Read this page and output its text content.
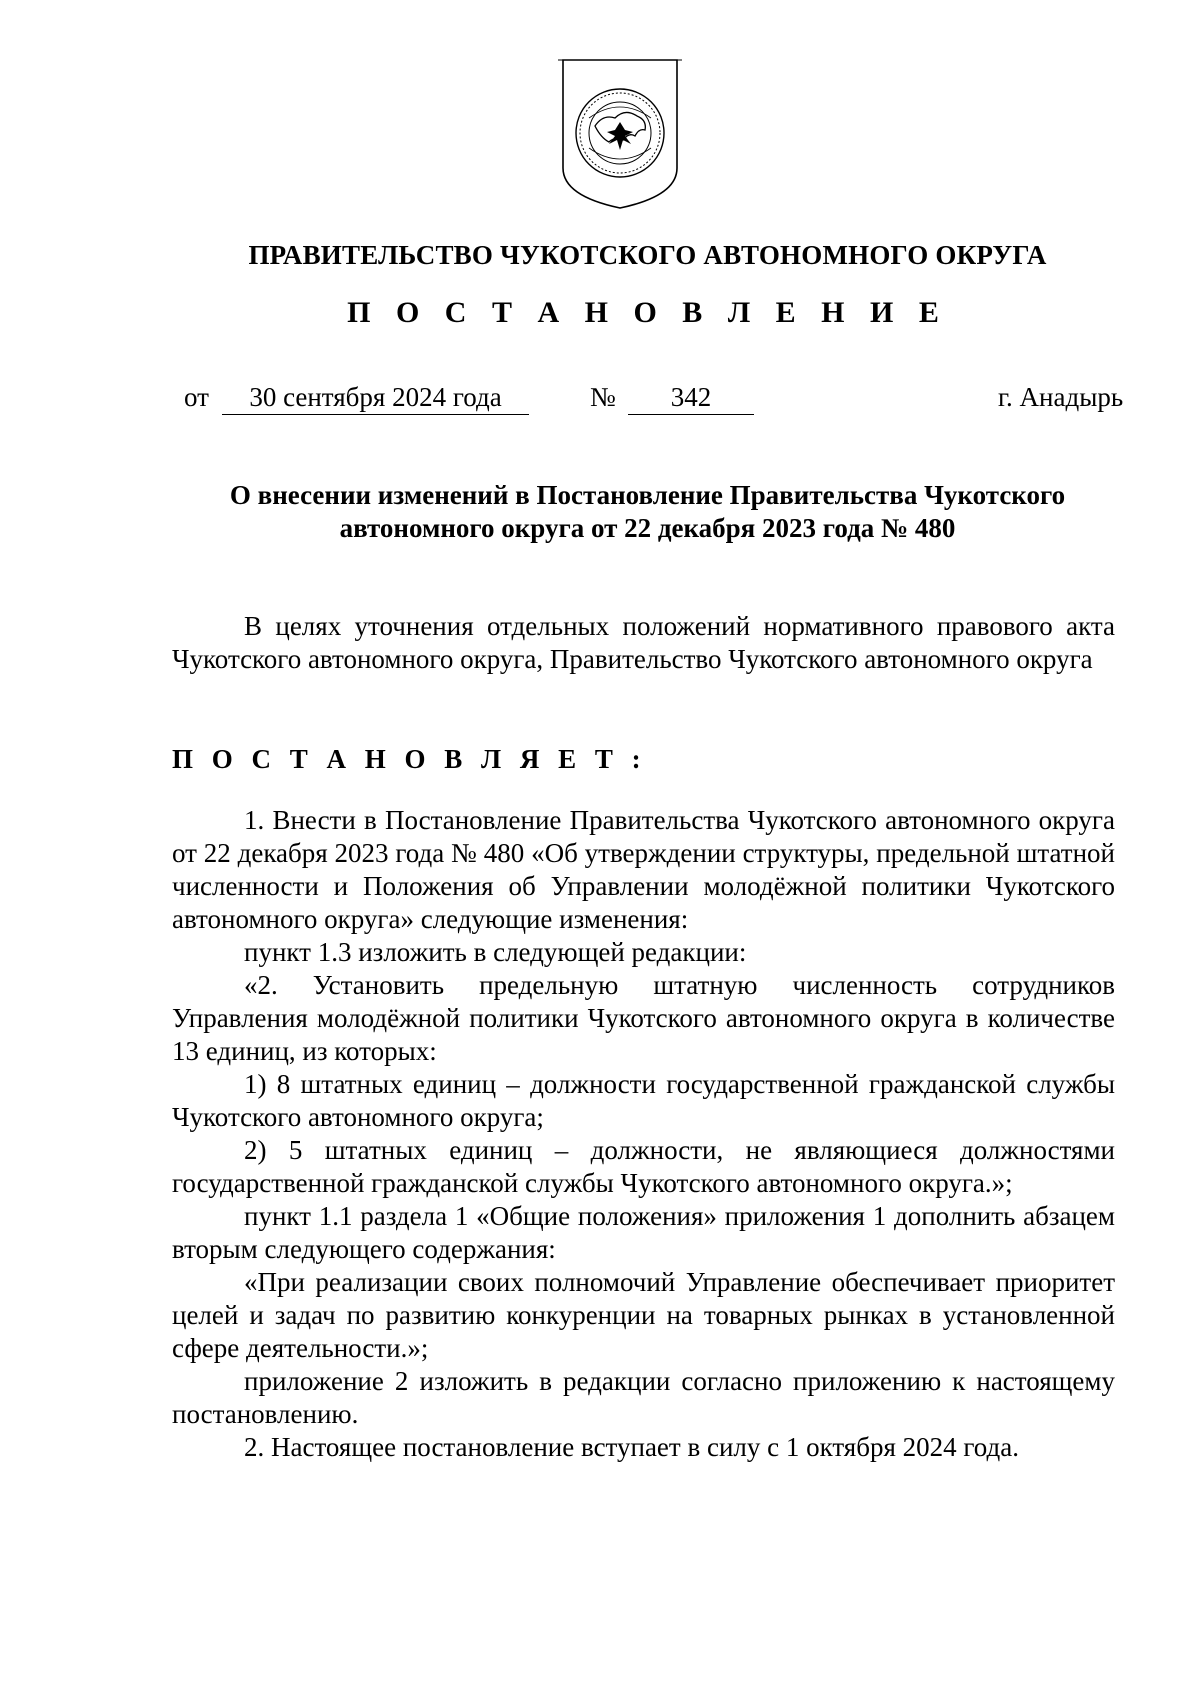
ПРАВИТЕЛЬСТВО ЧУКОТСКОГО АВТОНОМНОГО ОКРУГА
П О С Т А Н О В Л Е Н И Е
от	30 сентября 2024 года	№	342	г. Анадырь
О внесении изменений в Постановление Правительства Чукотского
автономного округа от 22 декабря 2023 года № 480

В целях уточнения отдельных положений нормативного правового акта Чукотского автономного округа, Правительство Чукотского автономного округа

П О С Т А Н О В Л Я Е Т :

1. Внести в Постановление Правительства Чукотского автономного округа от 22 декабря 2023 года № 480 «Об утверждении структуры, предельной штатной численности и Положения об Управлении молодёжной политики Чукотского автономного округа» следующие изменения:

пункт 1.3 изложить в следующей редакции:

«2. Установить предельную штатную численность сотрудников Управления молодёжной политики Чукотского автономного округа в количестве 13 единиц, из которых:

1) 8 штатных единиц – должности государственной гражданской службы Чукотского автономного округа;

2) 5 штатных единиц – должности, не являющиеся должностями государственной гражданской службы Чукотского автономного округа.»;

пункт 1.1 раздела 1 «Общие положения» приложения 1 дополнить абзацем вторым следующего содержания:

«При реализации своих полномочий Управление обеспечивает приоритет целей и задач по развитию конкуренции на товарных рынках в установленной сфере деятельности.»;

приложение 2 изложить в редакции согласно приложению к настоящему постановлению.

2. Настоящее постановление вступает в силу с 1 октября 2024 года.
